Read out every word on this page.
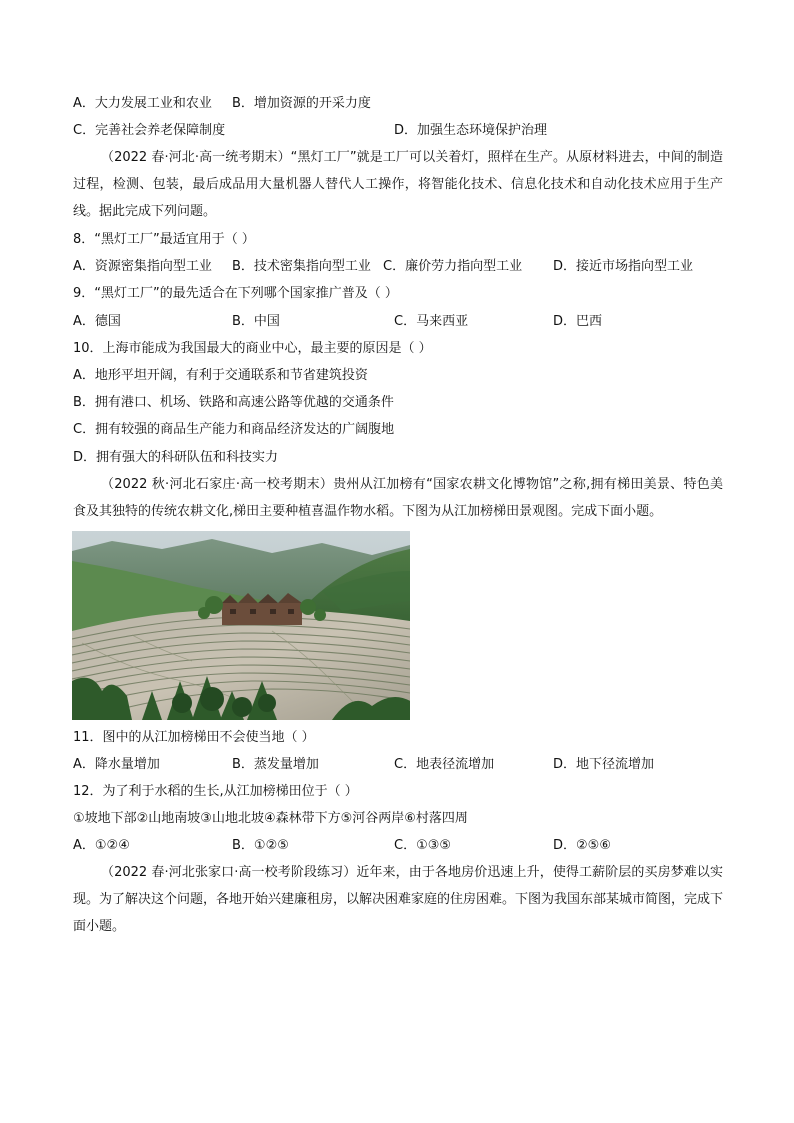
A．大力发展工业和农业 B．增加资源的开采力度
C．完善社会养老保障制度	D．加强生态环境保护治理
（2022 春·河北·高一统考期末）“黑灯工厂”就是工厂可以关着灯，照样在生产。从原材料进去，中间的制造过程，检测、包装，最后成品用大量机器人替代人工操作，将智能化技术、信息化技术和自动化技术应用于生产线。据此完成下列问题。
8．“黑灯工厂”最适宜用于（ ）
A．资源密集指向型工业 B．技术密集指向型工业 C．廉价劳力指向型工业 D．接近市场指向型工业
9．“黑灯工厂”的最先适合在下列哪个国家推广普及（ ）
A．德国	B．中国	C．马来西亚	D．巴西
10．上海市能成为我国最大的商业中心，最主要的原因是（ ）
A．地形平坦开阔，有利于交通联系和节省建筑投资
B．拥有港口、机场、铁路和高速公路等优越的交通条件
C．拥有较强的商品生产能力和商品经济发达的广阔腹地
D．拥有强大的科研队伍和科技实力
（2022 秋·河北石家庄·高一校考期末）贵州从江加榜有“国家农耕文化博物馆”之称,拥有梯田美景、特色美食及其独特的传统农耕文化,梯田主要种植喜温作物水稻。下图为从江加榜梯田景观图。完成下面小题。
11．图中的从江加榜梯田不会使当地（ ）
A．降水量增加	B．蒸发量增加	C．地表径流增加	D．地下径流增加
12．为了利于水稻的生长,从江加榜梯田位于（ ）
①坡地下部②山地南坡③山地北坡④森林带下方⑤河谷两岸⑥村落四周
A．①②④	B．①②⑤	C．①③⑤	D．②⑤⑥
（2022 春·河北张家口·高一校考阶段练习）近年来，由于各地房价迅速上升，使得工薪阶层的买房梦难以实现。为了解决这个问题，各地开始兴建廉租房，以解决困难家庭的住房困难。下图为我国东部某城市简图，完成下面小题。
